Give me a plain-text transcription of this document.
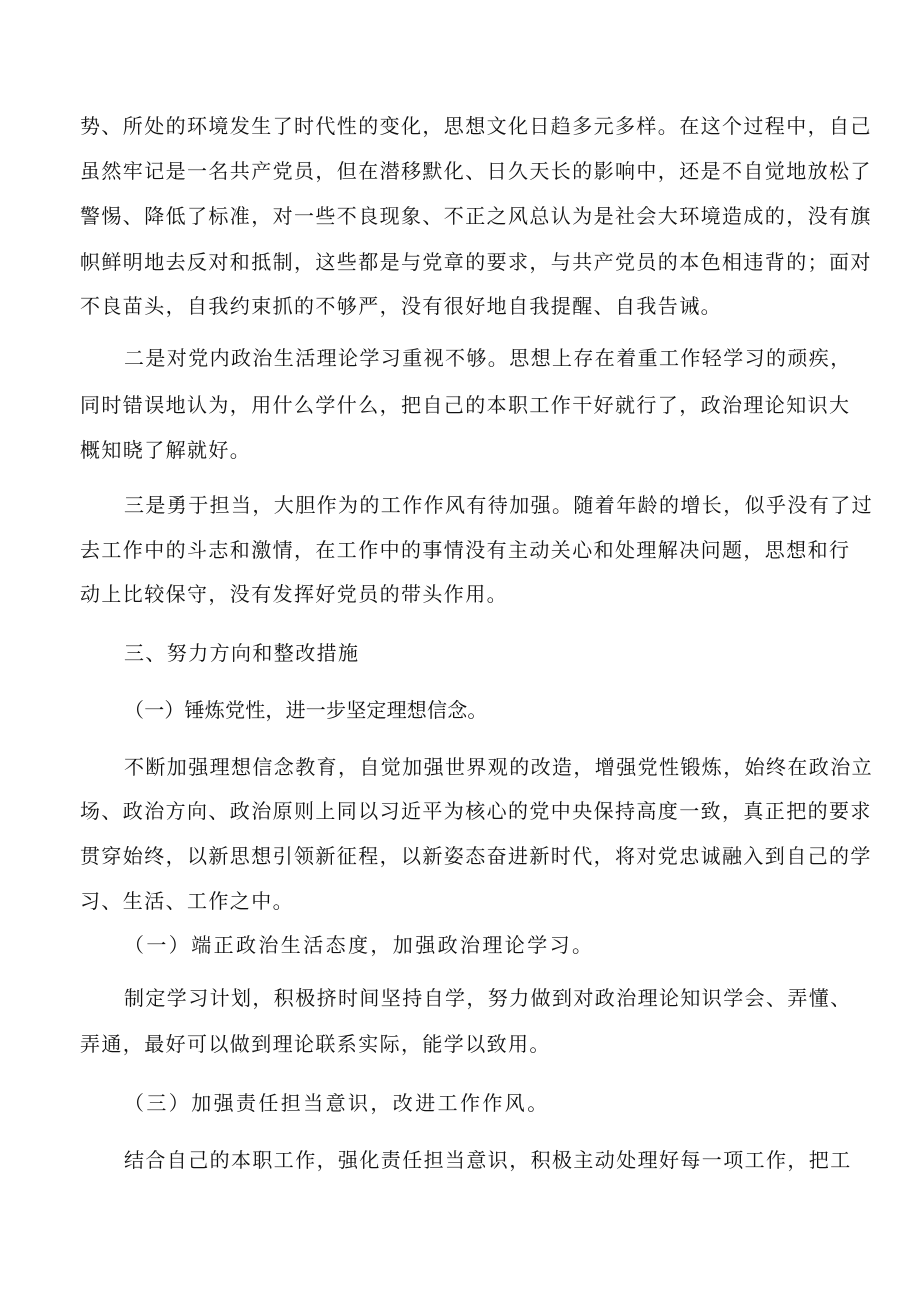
势、所处的环境发生了时代性的变化，思想文化日趋多元多样。在这个过程中，自己
虽然牢记是一名共产党员，但在潜移默化、日久天长的影响中，还是不自觉地放松了
警惕、降低了标准，对一些不良现象、不正之风总认为是社会大环境造成的，没有旗
帜鲜明地去反对和抵制，这些都是与党章的要求，与共产党员的本色相违背的；面对
不良苗头，自我约束抓的不够严，没有很好地自我提醒、自我告诫。
二是对党内政治生活理论学习重视不够。思想上存在着重工作轻学习的顽疾，
同时错误地认为，用什么学什么，把自己的本职工作干好就行了，政治理论知识大
概知晓了解就好。
三是勇于担当，大胆作为的工作作风有待加强。随着年龄的增长，似乎没有了过
去工作中的斗志和激情，在工作中的事情没有主动关心和处理解决问题，思想和行
动上比较保守，没有发挥好党员的带头作用。
三、努力方向和整改措施
（一）锤炼党性，进一步坚定理想信念。
不断加强理想信念教育，自觉加强世界观的改造，增强党性锻炼，始终在政治立
场、政治方向、政治原则上同以习近平为核心的党中央保持高度一致，真正把的要求
贯穿始终，以新思想引领新征程，以新姿态奋进新时代，将对党忠诚融入到自己的学
习、生活、工作之中。
（一）端正政治生活态度，加强政治理论学习。
制定学习计划，积极挤时间坚持自学，努力做到对政治理论知识学会、弄懂、
弄通，最好可以做到理论联系实际，能学以致用。
（三）加强责任担当意识，改进工作作风。
结合自己的本职工作，强化责任担当意识，积极主动处理好每一项工作，把工
